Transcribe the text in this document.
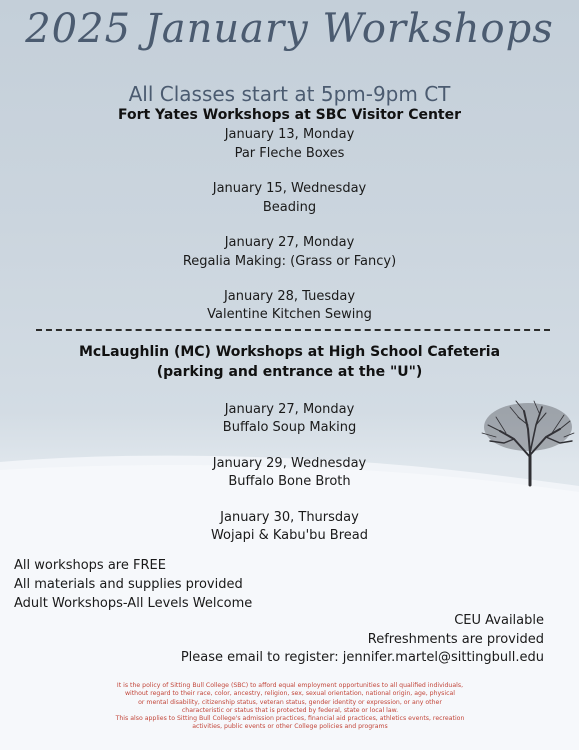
2025 January Workshops
All Classes start at 5pm-9pm CT
Fort Yates Workshops at SBC Visitor Center
January 13, Monday
Par Fleche Boxes
January 15, Wednesday
Beading
January 27, Monday
Regalia Making: (Grass or Fancy)
January 28, Tuesday
Valentine Kitchen Sewing
McLaughlin (MC) Workshops at High School Cafeteria
(parking and entrance at the "U")
January 27, Monday
Buffalo Soup Making
January 29, Wednesday
Buffalo Bone Broth
January 30, Thursday
Wojapi & Kabu'bu Bread
All workshops are FREE
All materials and supplies provided
Adult Workshops-All Levels Welcome
CEU Available
Refreshments are provided
Please email to register: jennifer.martel@sittingbull.edu
It is the policy of Sitting Bull College (SBC) to afford equal employment opportunities to all qualified individuals,
without regard to their race, color, ancestry, religion, sex, sexual orientation, national origin, age, physical
or mental disability, citizenship status, veteran status, gender identity or expression, or any other
characteristic or status that is protected by federal, state or local law.
This also applies to Sitting Bull College's admission practices, financial aid practices, athletics events, recreation
activities, public events or other College policies and programs
